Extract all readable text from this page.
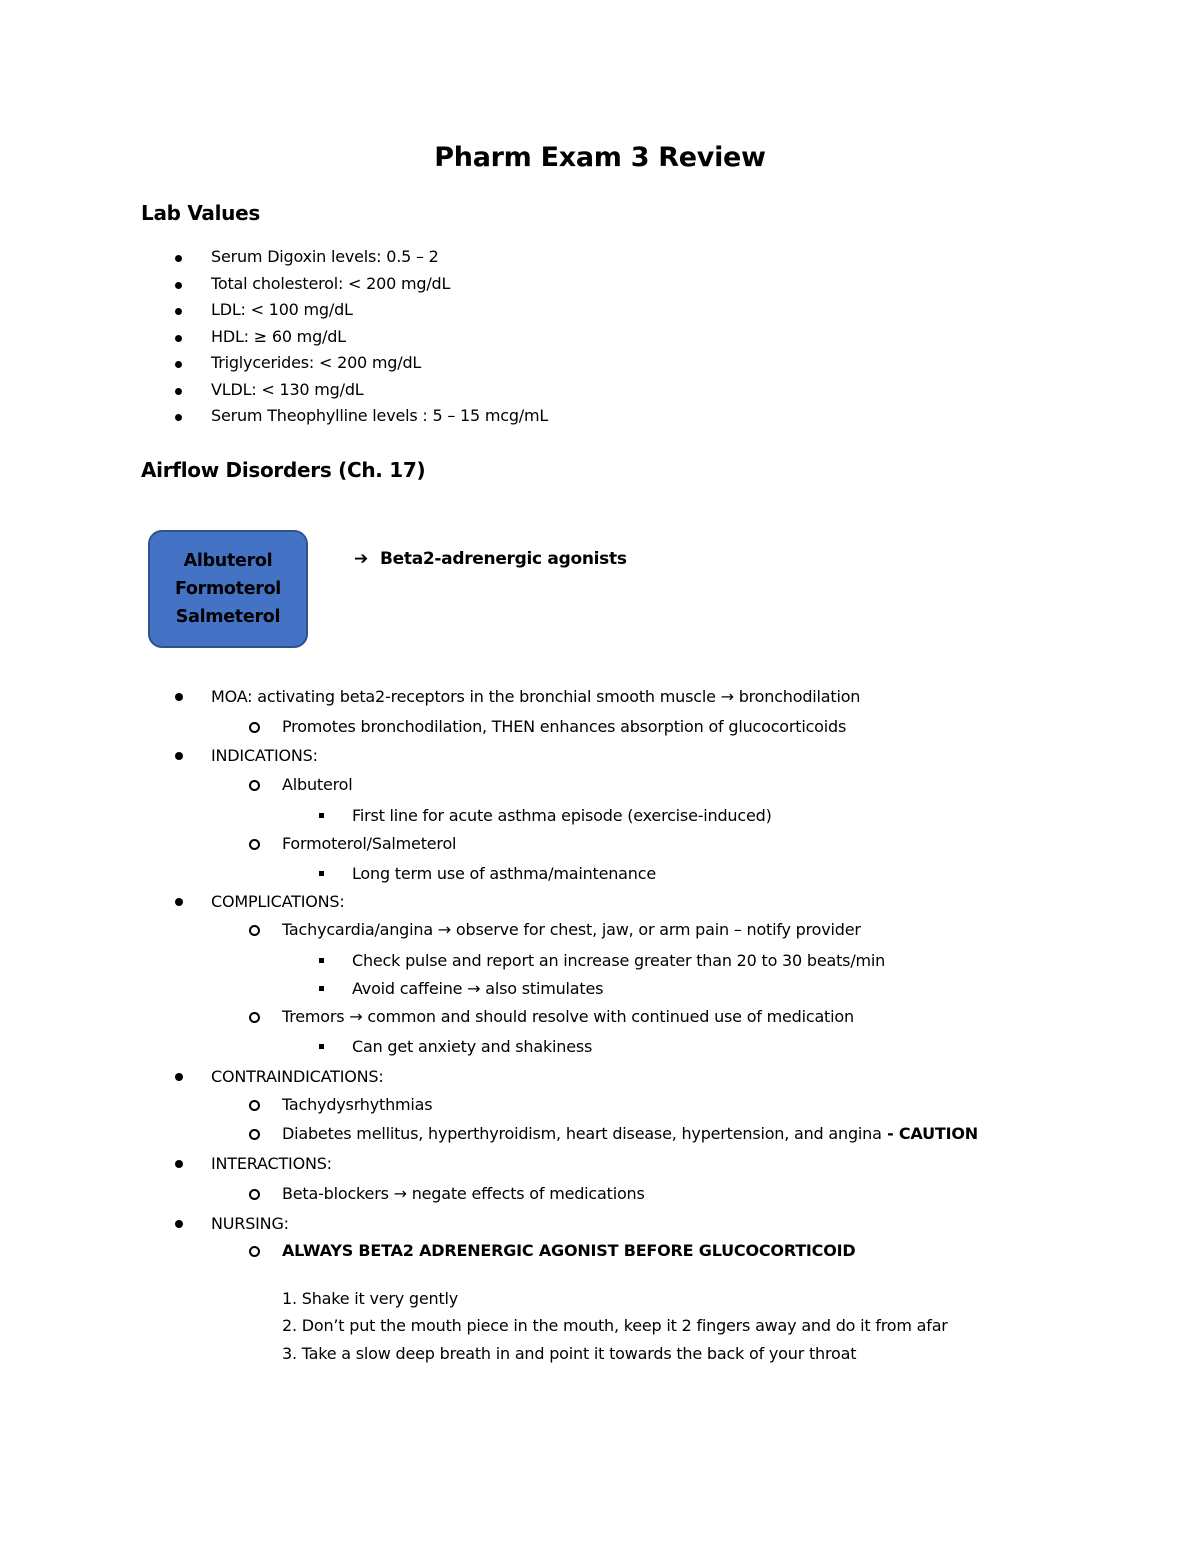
Pharm Exam 3 Review
Lab Values
Serum Digoxin levels: 0.5 – 2
Total cholesterol: < 200 mg/dL
LDL: < 100 mg/dL
HDL: ≥ 60 mg/dL
Triglycerides: < 200 mg/dL
VLDL: < 130 mg/dL
Serum Theophylline levels : 5 – 15 mcg/mL
Airflow Disorders (Ch. 17)
Albuterol
Formoterol
Salmeterol
➔ Beta2-adrenergic agonists
MOA: activating beta2-receptors in the bronchial smooth muscle → bronchodilation
Promotes bronchodilation, THEN enhances absorption of glucocorticoids
INDICATIONS:
Albuterol
First line for acute asthma episode (exercise-induced)
Formoterol/Salmeterol
Long term use of asthma/maintenance
COMPLICATIONS:
Tachycardia/angina → observe for chest, jaw, or arm pain – notify provider
Check pulse and report an increase greater than 20 to 30 beats/min
Avoid caffeine → also stimulates
Tremors → common and should resolve with continued use of medication
Can get anxiety and shakiness
CONTRAINDICATIONS:
Tachydysrhythmias
Diabetes mellitus, hyperthyroidism, heart disease, hypertension, and angina - CAUTION
INTERACTIONS:
Beta-blockers → negate effects of medications
NURSING:
ALWAYS BETA2 ADRENERGIC AGONIST BEFORE GLUCOCORTICOID
1. Shake it very gently
2. Don’t put the mouth piece in the mouth, keep it 2 fingers away and do it from afar
3. Take a slow deep breath in and point it towards the back of your throat
